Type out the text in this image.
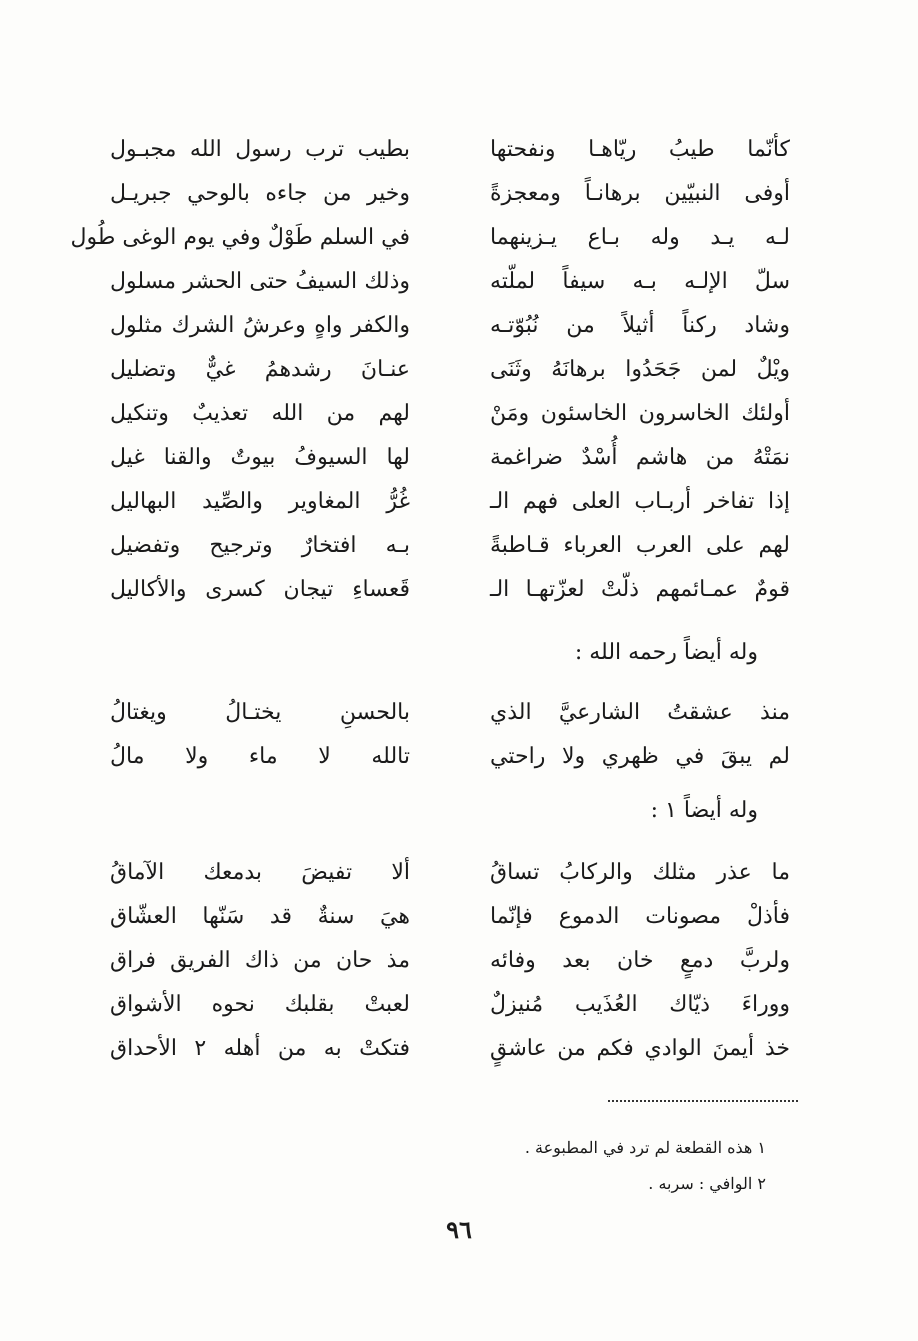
كأنّما طيبُ ريّاهـا ونفحتها
بطيب ترب رسول الله مجبـول
أوفى النبيّين برهانـاً ومعجزةً
وخير من جاءه بالوحي جبريـل
لـه يـد وله بـاع يـزينهما
في السلم طَوْلٌ وفي يوم الوغى طُول
سلّ الإلـه بـه سيفاً لملّته
وذلك السيفُ حتى الحشر مسلول
وشاد ركناً أثيلاً من نُبُوّتـه
والكفر واهٍ وعرشُ الشرك مثلول
ويْلٌ لمن جَحَدُوا برهانَهُ وثَنَى
عنـانَ رشدهمُ غيٌّ وتضليل
أولئك الخاسرون الخاسئون ومَنْ
لهم من الله تعذيبٌ وتنكيل
نمَتْهُ من هاشم أُسْدٌ ضراغمة
لها السيوفُ بيوتٌ والقنا غيل
إذا تفاخر أربـاب العلى فهم الـ
غُرُّ المغاوير والصِّيد البهاليل
لهم على العرب العرباء قـاطبةً
بـه افتخارٌ وترجيح وتفضيل
قومٌ عمـائمهم ذلّتْ لعزّتهـا الـ
قَعساءِ تيجان كسرى والأكاليل
وله أيضاً رحمه الله :
منذ عشقتُ الشارعيَّ الذي
بالحسنِ يختـالُ ويغتالُ
لم يبقَ في ظهري ولا راحتي
تالله لا ماء ولا مالُ
وله أيضاً ١ :
ما عذر مثلك والركابُ تساقُ
ألا تفيضَ بدمعك الآماقُ
فأذلْ مصونات الدموع فإنّما
هيَ سنةٌ قد سَنّها العشّاق
ولربَّ دمعٍ خان بعد وفائه
مذ حان من ذاك الفريق فراق
ووراءَ ذيّاك العُذَيب مُنيزلٌ
لعبتْ بقلبك نحوه الأشواق
خذ أيمنَ الوادي فكم من عاشقٍ
فتكتْ به من أهله ٢ الأحداق
١ هذه القطعة لم ترد في المطبوعة .
٢ الوافي : سربه .
٩٦
